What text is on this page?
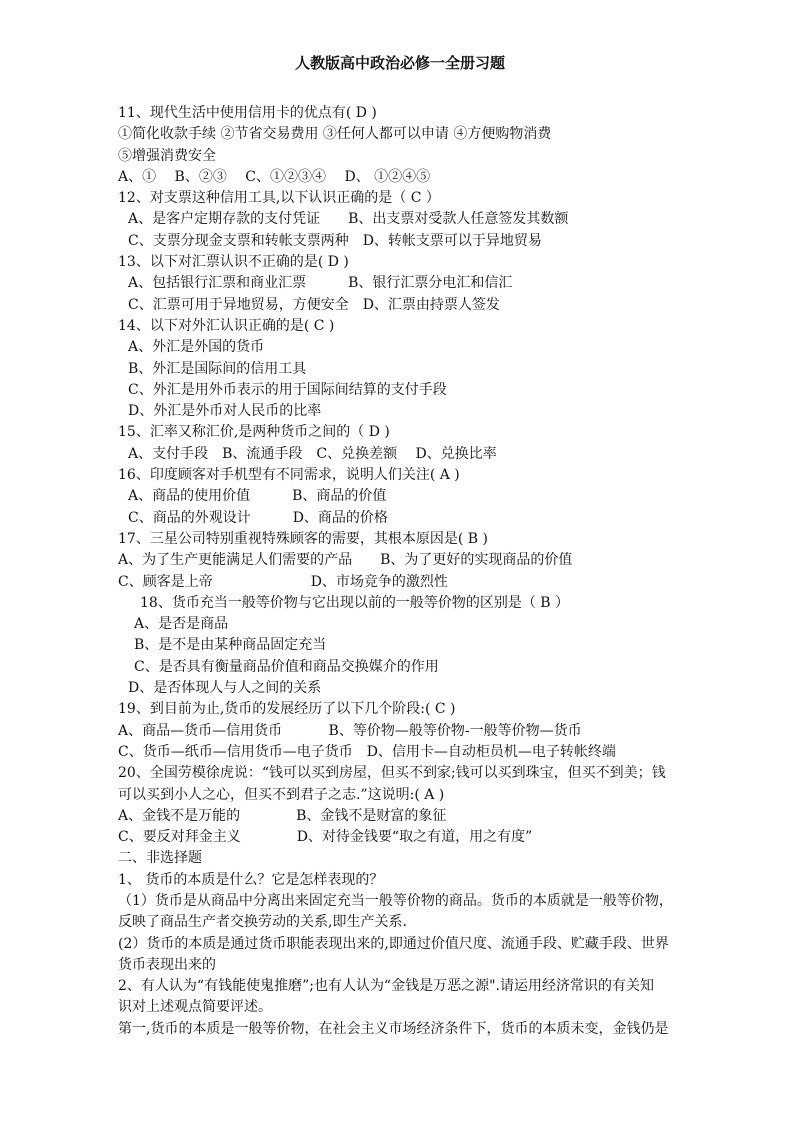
人教版高中政治必修一全册习题
11、现代生活中使用信用卡的优点有( D )
①简化收款手续 ②节省交易费用 ③任何人都可以申请 ④方便购物消费
⑤增强消费安全
A、①　 B、②③　 C、①②③④　 D、 ①②④⑤
12、对支票这种信用工具,以下认识正确的是（ C ）
A、是客户定期存款的支付凭证　　B、出支票对受款人任意签发其数额
C、支票分现金支票和转帐支票两种　D、转帐支票可以于异地贸易
13、以下对汇票认识不正确的是( D )
A、包括银行汇票和商业汇票　　　B、银行汇票分电汇和信汇
C、汇票可用于异地贸易，方便安全　D、汇票由持票人签发
14、以下对外汇认识正确的是( C )
A、外汇是外国的货币
B、外汇是国际间的信用工具
C、外汇是用外币表示的用于国际间结算的支付手段
D、外汇是外币对人民币的比率
15、汇率又称汇价,是两种货币之间的（ D )
A、支付手段　B、流通手段　C、兑换差额　 D、兑换比率
16、印度顾客对手机型有不同需求，说明人们关注( A )
A、商品的使用价值　　　B、商品的价值
C、商品的外观设计　　　D、商品的价格
17、三星公司特别重视特殊顾客的需要，其根本原因是( B )
A、为了生产更能满足人们需要的产品　　B、为了更好的实现商品的价值
C、顾客是上帝　　　　　　　D、市场竞争的激烈性
18、货币充当一般等价物与它出现以前的一般等价物的区别是（ B ）
A、是否是商品
B、是不是由某种商品固定充当
C、是否具有衡量商品价值和商品交换媒介的作用
D、是否体现人与人之间的关系
19、到目前为止,货币的发展经历了以下几个阶段:( C )
A、商品—货币—信用货币　　　 B、等价物—般等价物-一般等价物—货币
C、货币—纸币—信用货币—电子货币　D、信用卡—自动柜员机—电子转帐终端
20、全国劳模徐虎说：“钱可以买到房屋，但买不到家;钱可以买到珠宝，但买不到美；钱
可以买到小人之心，但买不到君子之志.”这说明:( A )
A、金钱不是万能的　　　　B、金钱不是财富的象征
C、要反对拜金主义　　　　D、对待金钱要“取之有道，用之有度”
二、非选择题
1、 货币的本质是什么？它是怎样表现的？
（1）货币是从商品中分离出来固定充当一般等价物的商品。货币的本质就是一般等价物，
反映了商品生产者交换劳动的关系,即生产关系.
(2）货币的本质是通过货币职能表现出来的,即通过价值尺度、流通手段、贮藏手段、世界
货币表现出来的
2、有人认为“有钱能使鬼推磨”;也有人认为“金钱是万恶之源".请运用经济常识的有关知
识对上述观点简要评述。
第一,货币的本质是一般等价物，在社会主义市场经济条件下，货币的本质未变，金钱仍是
